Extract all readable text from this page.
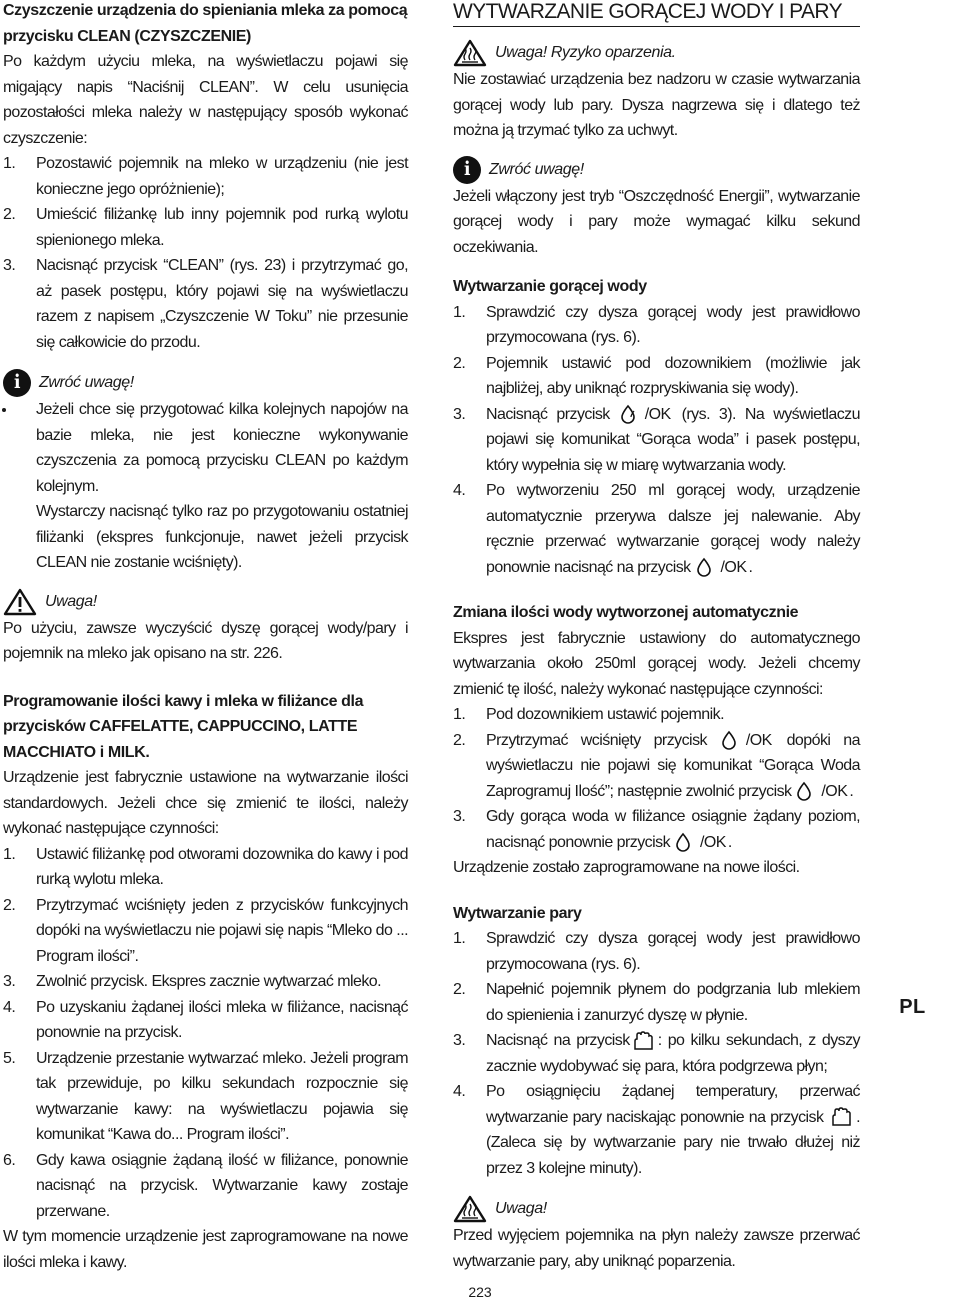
Czyszczenie urządzenia do spieniania mleka za pomocą przycisku CLEAN (CZYSZCZENIE)

Po każdym użyciu mleka, na wyświetlaczu pojawi się migający napis “Naciśnij CLEAN”. W celu usunięcia pozostałości mleka należy w następujący sposób wykonać czyszczenie:

1. Pozostawić pojemnik na mleko w urządzeniu (nie jest konieczne jego opróżnienie);
2. Umieścić filiżankę lub inny pojemnik pod rurką wylotu spienionego mleka.
3. Nacisnąć przycisk “CLEAN” (rys. 23) i przytrzymać go, aż pasek postępu, który pojawi się na wyświetlaczu razem z napisem „Czyszczenie W Toku” nie przesunie się całkowicie do przodu.

i	Zwróć uwagę!

Jeżeli chce się przygotować kilka kolejnych napojów na bazie mleka, nie jest konieczne wykonywanie czyszczenia za pomocą przycisku CLEAN po każdym kolejnym.

Wystarczy nacisnąć tylko raz po przygotowaniu ostatniej filiżanki (ekspres funkcjonuje, nawet jeżeli przycisk CLEAN nie zostanie wciśnięty).

Uwaga!

Po użyciu, zawsze wyczyścić dyszę gorącej wody/pary i pojemnik na mleko jak opisano na str. 226.

Programowanie ilości kawy i mleka w filiżance dla przycisków CAFFELATTE, CAPPUCCINO, LATTE MACCHIATO i MILK.

Urządzenie jest fabrycznie ustawione na wytwarzanie ilości standardowych. Jeżeli chce się zmienić te ilości, należy wykonać następujące czynności:

1. Ustawić filiżankę pod otworami dozownika do kawy i pod rurką wylotu mleka.
2. Przytrzymać wciśnięty jeden z przycisków funkcyjnych dopóki na wyświetlaczu nie pojawi się napis “Mleko do ... Program ilości”.
3. Zwolnić przycisk. Ekspres zacznie wytwarzać mleko.
4. Po uzyskaniu żądanej ilości mleka w filiżance, nacisnąć ponownie na przycisk.
5. Urządzenie przestanie wytwarzać mleko. Jeżeli program tak przewiduje, po kilku sekundach rozpocznie się wytwarzanie kawy: na wyświetlaczu pojawia się komunikat “Kawa do... Program ilości”.
6. Gdy kawa osiągnie żądaną ilość w filiżance, ponownie nacisnąć na przycisk. Wytwarzanie kawy zostaje przerwane.

W tym momencie urządzenie jest zaprogramowane na nowe ilości mleka i kawy.

WYTWARZANIE GORĄCEJ WODY I PARY

Uwaga! Ryzyko oparzenia.

Nie zostawiać urządzenia bez nadzoru w czasie wytwarzania gorącej wody lub pary. Dysza nagrzewa się i dlatego też można ją trzymać tylko za uchwyt.

i	Zwróć uwagę!

Jeżeli włączony jest tryb “Oszczędność Energii”, wytwarzanie gorącej wody i pary może wymagać kilku sekund oczekiwania.

Wytwarzanie gorącej wody

1. Sprawdzić czy dysza gorącej wody jest prawidłowo przymocowana (rys. 6).
2. Pojemnik ustawić pod dozownikiem (możliwie jak najbliżej, aby uniknąć rozpryskiwania się wody).
3. Nacisnąć przycisk /OK (rys. 3). Na wyświetlaczu pojawi się komunikat “Gorąca woda” i pasek postępu, który wypełnia się w miarę wytwarzania wody.
4. Po wytworzeniu 250 ml gorącej wody, urządzenie automatycznie przerywa dalsze jej nalewanie. Aby ręcznie przerwać wytwarzanie gorącej wody należy ponownie nacisnąć na przycisk /OK .

Zmiana ilości wody wytworzonej automatycznie

Ekspres jest fabrycznie ustawiony do automatycznego wytwarzania około 250ml gorącej wody. Jeżeli chcemy zmienić tę ilość, należy wykonać następujące czynności:

1. Pod dozownikiem ustawić pojemnik.
2. Przytrzymać wciśnięty przycisk /OK dopóki na wyświetlaczu nie pojawi się komunikat “Gorąca Woda Zaprogramuj Ilość”; następnie zwolnić przycisk /OK .
3. Gdy gorąca woda w filiżance osiągnie żądany poziom, nacisnąć ponownie przycisk /OK .

Urządzenie zostało zaprogramowane na nowe ilości.

Wytwarzanie pary

1. Sprawdzić czy dysza gorącej wody jest prawidłowo przymocowana (rys. 6).
2. Napełnić pojemnik płynem do podgrzania lub mlekiem do spienienia i zanurzyć dyszę w płynie.
3. Nacisnąć na przycisk : po kilku sekundach, z dyszy zacznie wydobywać się para, która podgrzewa płyn;
4. Po osiągnięciu żądanej temperatury, przerwać wytwarzanie pary naciskając ponownie na przycisk . (Zaleca się by wytwarzanie pary nie trwało dłużej niż przez 3 kolejne minuty).

Uwaga!

Przed wyjęciem pojemnika na płyn należy zawsze przerwać wytwarzanie pary, aby uniknąć poparzenia.

PL
223
